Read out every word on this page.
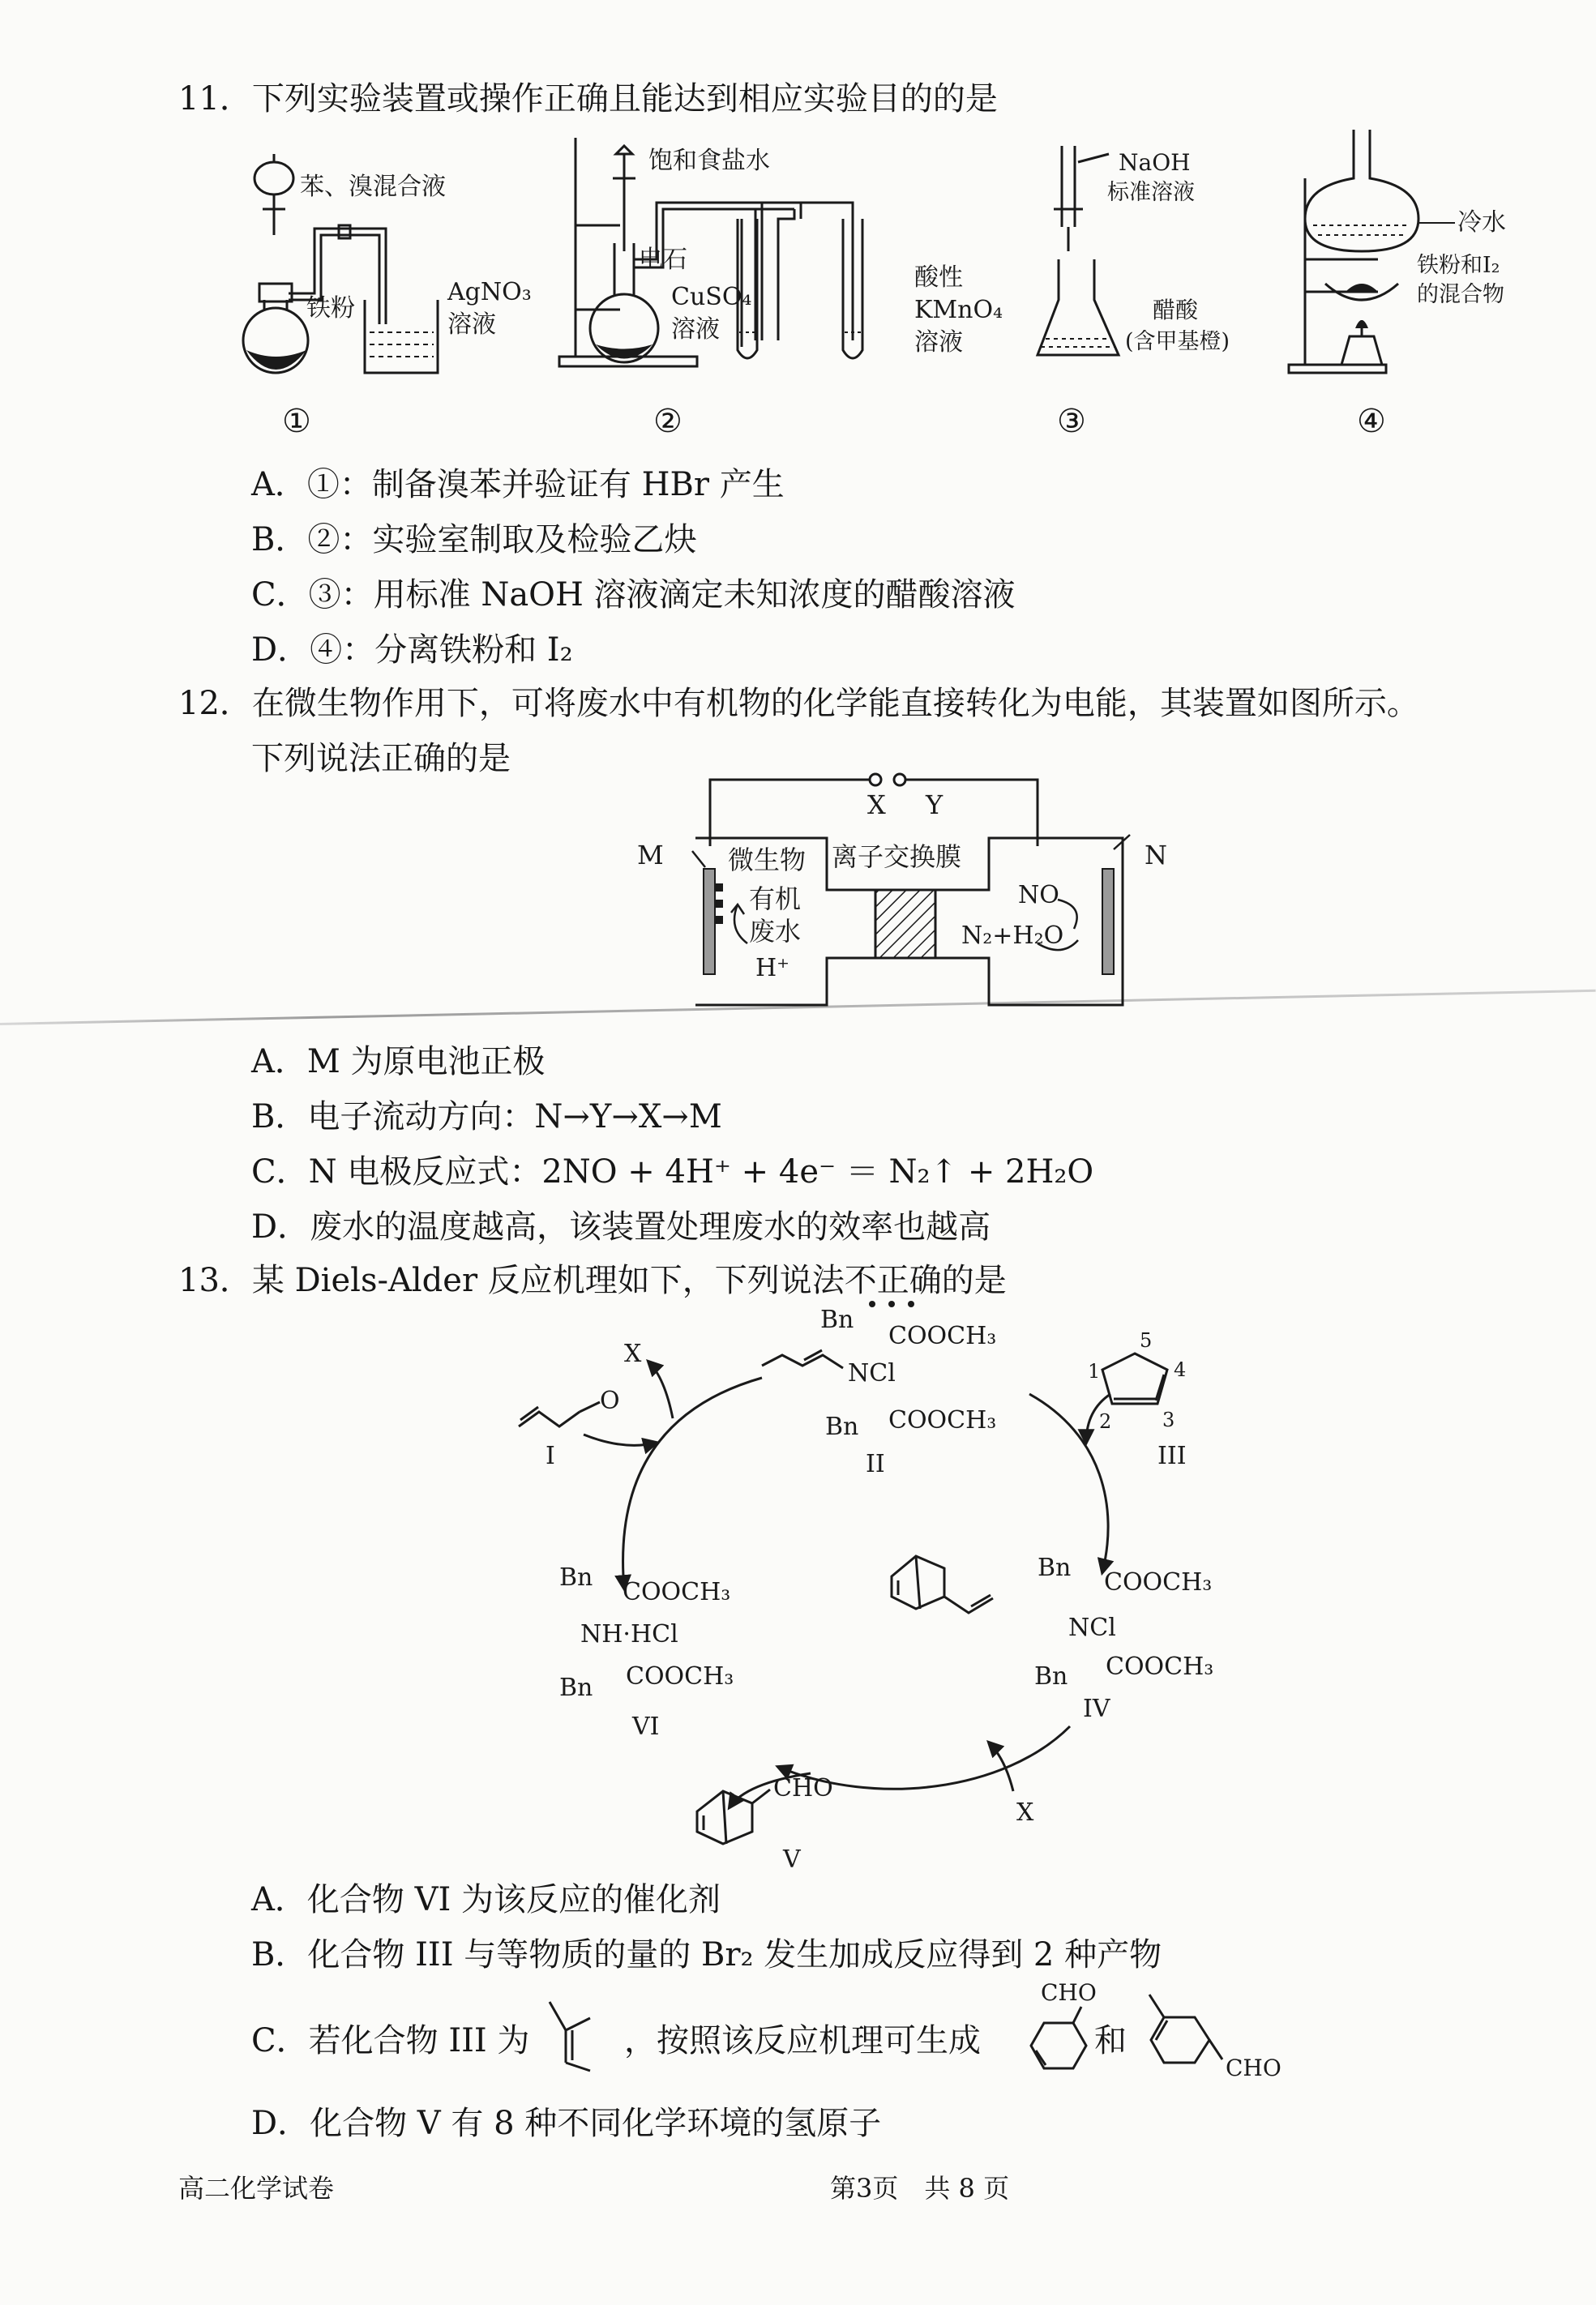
11．下列实验装置或操作正确且能达到相应实验目的的是
苯、溴混合液
铁粉
AgNO₃
溶液
饱和食盐水
电石
CuSO₄
溶液
酸性
KMnO₄
溶液
NaOH
标准溶液
醋酸
(含甲基橙)
冷水
铁粉和I₂
的混合物
①	②	③	④
A．①：制备溴苯并验证有 HBr 产生
B．②：实验室制取及检验乙炔
C．③：用标准 NaOH 溶液滴定未知浓度的醋酸溶液
D．④：分离铁粉和 I₂
12．在微生物作用下，可将废水中有机物的化学能直接转化为电能，其装置如图所示。
下列说法正确的是
X Y
M	N
微生物 离子交换膜
有机
废水
H⁺
NO
N₂+H₂O
A．M 为原电池正极
B．电子流动方向：N→Y→X→M
C．N 电极反应式：2NO + 4H⁺ + 4e⁻ ＝ N₂↑ + 2H₂O
D．废水的温度越高，该装置处理废水的效率也越高
13．某 Diels-Alder 反应机理如下，下列说法不正确的是
O
I
X
Bn
COOCH₃
NCl
Bn COOCH₃
II
5
1	4
2	3
III
Bn
COOCH₃
NCl
Bn COOCH₃
IV
Bn
COOCH₃
NH·HCl
Bn COOCH₃
VI
CHO
V
X
A．化合物 VI 为该反应的催化剂
B．化合物 III 与等物质的量的 Br₂ 发生加成反应得到 2 种产物
C．若化合物 III 为	，按照该反应机理可生成
CHO
和
CHO
D．化合物 V 有 8 种不同化学环境的氢原子
高二化学试卷	第3页　共 8 页
